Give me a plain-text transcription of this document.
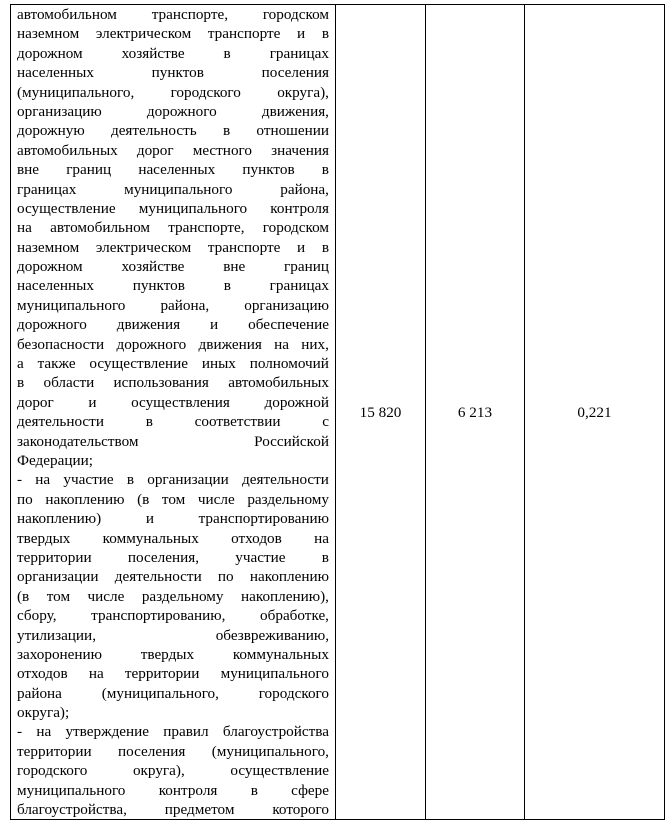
автомобильном транспорте, городском
наземном электрическом транспорте и в
дорожном	хозяйстве	в	границах
населенных	пунктов	поселения
(муниципального, городского округа),
организацию	дорожного	движения,
дорожную деятельность в отношении
автомобильных дорог местного значения
вне границ населенных пунктов в
границах	муниципального	района,
осуществление муниципального контроля
на автомобильном транспорте, городском
наземном электрическом транспорте и в
дорожном	хозяйстве	вне	границ
населенных	пунктов	в	границах
муниципального района, организацию
дорожного движения и обеспечение
безопасности дорожного движения на них,
а также осуществление иных полномочий
в области использования автомобильных
дорог и осуществления дорожной
деятельности	в	соответствии	с
законодательством	Российской
Федерации;
- на участие в организации деятельности
по накоплению (в том числе раздельному
накоплению)	и	транспортированию
твердых коммунальных отходов на
территории поселения, участие в
организации деятельности по накоплению
(в том числе раздельному накоплению),
сбору, транспортированию, обработке,
утилизации,	обезвреживанию,
захоронению	твердых	коммунальных
отходов на территории муниципального
района	(муниципального,	городского
округа);
- на утверждение правил благоустройства
территории поселения (муниципального,
городского	округа),	осуществление
муниципального контроля в сфере
благоустройства, предметом которого
	15 820	6 213	0,221
